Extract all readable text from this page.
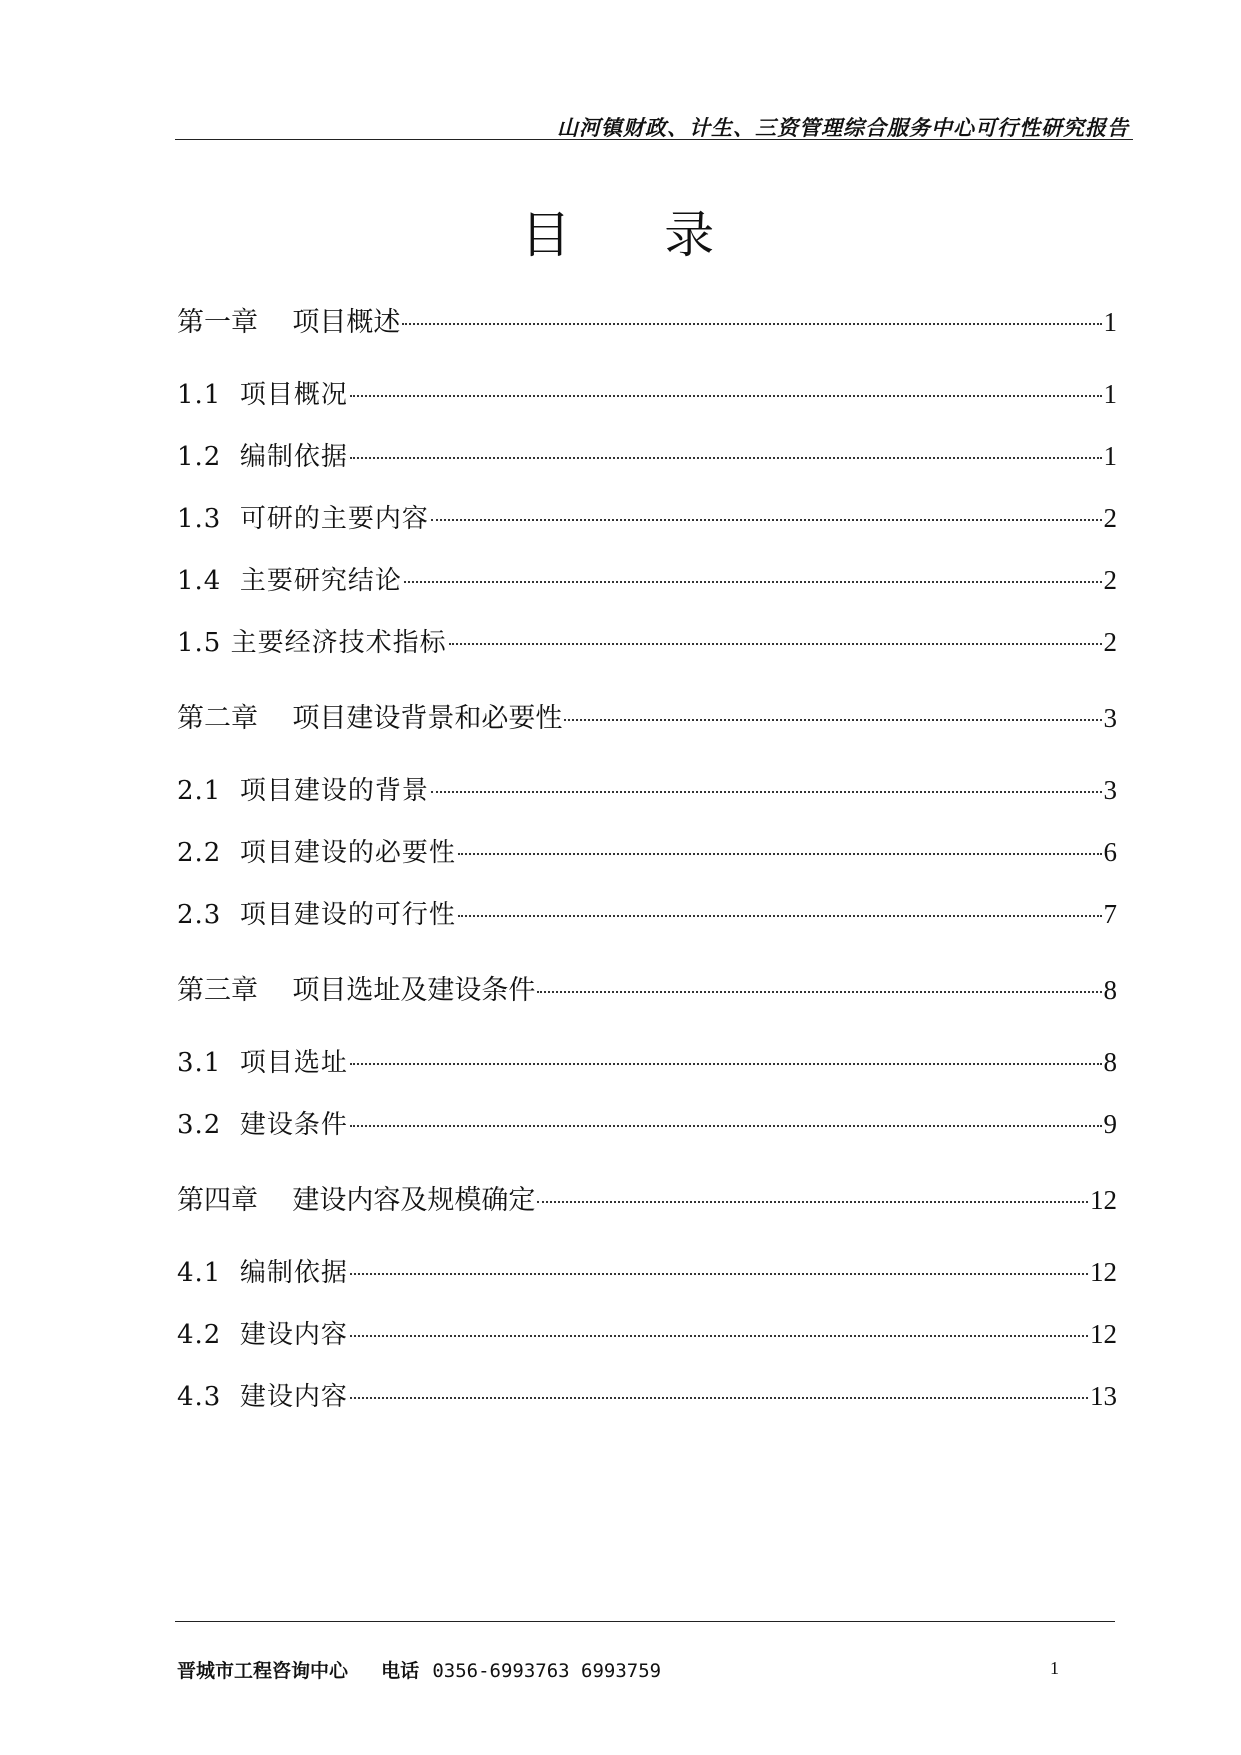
山河镇财政、计生、三资管理综合服务中心可行性研究报告
目    录
第一章    项目概述	1
1.1  项目概况	1
1.2  编制依据	1
1.3  可研的主要内容	2
1.4  主要研究结论	2
1.5 主要经济技术指标	2
第二章    项目建设背景和必要性	3
2.1  项目建设的背景	3
2.2  项目建设的必要性	6
2.3  项目建设的可行性	7
第三章    项目选址及建设条件	8
3.1  项目选址	8
3.2  建设条件	9
第四章    建设内容及规模确定	12
4.1  编制依据	12
4.2  建设内容	12
4.3  建设内容	13
晋城市工程咨询中心 电话 0356-6993763 6993759	1
